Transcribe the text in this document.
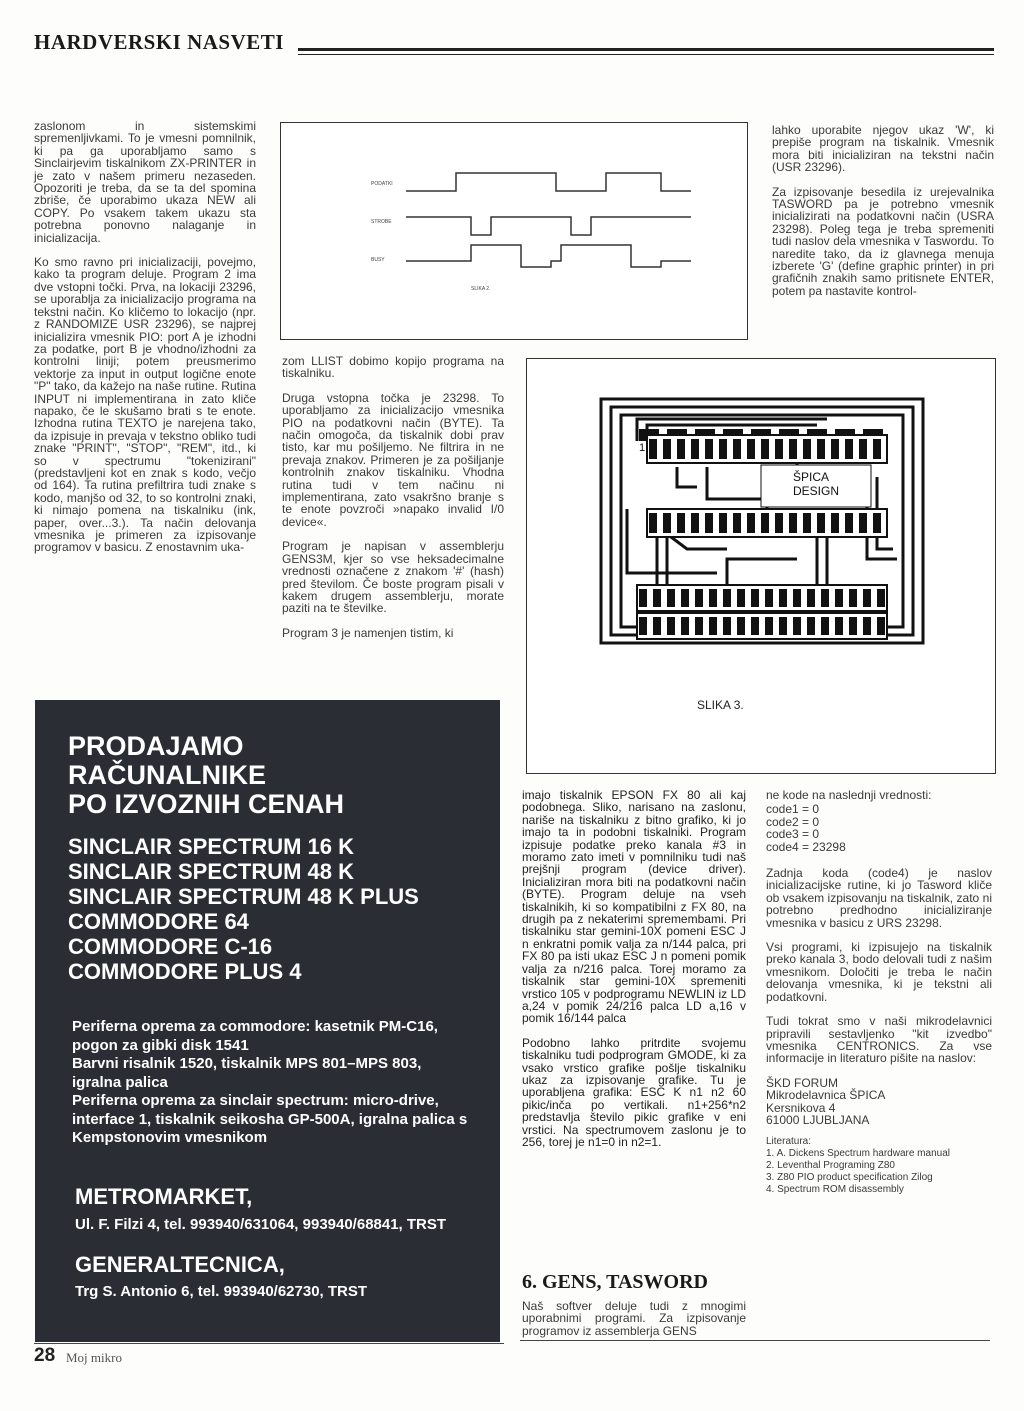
HARDVERSKI NASVETI

zaslonom in sistemskimi spremenljivkami. To je vmesni pomnilnik, ki pa ga uporabljamo samo s Sinclairjevim tiskalnikom ZX-PRINTER in je zato v našem primeru nezaseden. Opozoriti je treba, da se ta del spomina zbriše, če uporabimo ukaza NEW ali COPY. Po vsakem takem ukazu sta potrebna ponovno nalaganje in inicializacija.

Ko smo ravno pri inicializaciji, povejmo, kako ta program deluje. Program 2 ima dve vstopni točki. Prva, na lokaciji 23296, se uporablja za inicializacijo programa na tekstni način. Ko kličemo to lokacijo (npr. z RANDOMIZE USR 23296), se najprej inicializira vmesnik PIO: port A je izhodni za podatke, port B je vhodno/izhodni za kontrolni liniji; potem preusmerimo vektorje za input in output logične enote "P" tako, da kažejo na naše rutine. Rutina INPUT ni implementirana in zato kliče napako, če le skušamo brati s te enote. Izhodna rutina TEXTO je narejena tako, da izpisuje in prevaja v tekstno obliko tudi znake "PRINT", "STOP", "REM", itd., ki so v spectrumu "tokenizirani" (predstavljeni kot en znak s kodo, večjo od 164). Ta rutina prefiltrira tudi znake s kodo, manjšo od 32, to so kontrolni znaki, ki nimajo pomena na tiskalniku (ink, paper, over...3.). Ta način delovanja vmesnika je primeren za izpisovanje programov v basicu. Z enostavnim uka-

PODATKI
STROBE
BUSY
SLIKA 2.

zom LLIST dobimo kopijo programa na tiskalniku.

Druga vstopna točka je 23298. To uporabljamo za inicializacijo vmesnika PIO na podatkovni način (BYTE). Ta način omogoča, da tiskalnik dobi prav tisto, kar mu pošiljemo. Ne filtrira in ne prevaja znakov. Primeren je za pošiljanje kontrolnih znakov tiskalniku. Vhodna rutina tudi v tem načinu ni implementirana, zato vsakršno branje s te enote povzroči »napako invalid I/0 device«.

Program je napisan v assemblerju GENS3M, kjer so vse heksadecimalne vrednosti označene z znakom '#' (hash) pred številom. Če boste program pisali v kakem drugem assemblerju, morate paziti na te številke.

Program 3 je namenjen tistim, ki

lahko uporabite njegov ukaz 'W', ki prepiše program na tiskalnik. Vmesnik mora biti inicializiran na tekstni način (USR 23296).

Za izpisovanje besedila iz urejevalnika TASWORD pa je potrebno vmesnik inicializirati na podatkovni način (USRA 23298). Poleg tega je treba spremeniti tudi naslov dela vmesnika v Taswordu. To naredite tako, da iz glavnega menuja izberete 'G' (define graphic printer) in pri grafičnih znakih samo pritisnete ENTER, potem pa nastavite kontrol-

1
ŠPICA
DESIGN
SLIKA 3.
PRODAJAMO
RAČUNALNIKE
PO IZVOZNIH CENAH
SINCLAIR SPECTRUM 16 K
SINCLAIR SPECTRUM 48 K
SINCLAIR SPECTRUM 48 K PLUS
COMMODORE 64
COMMODORE C-16
COMMODORE PLUS 4
Periferna oprema za commodore: kasetnik PM-C16, pogon za gibki disk 1541
Barvni risalnik 1520, tiskalnik MPS 801–MPS 803, igralna palica
Periferna oprema za sinclair spectrum: micro-drive, interface 1, tiskalnik seikosha GP-500A, igralna palica s Kempstonovim vmesnikom
METROMARKET,
Ul. F. Filzi 4, tel. 993940/631064, 993940/68841, TRST
GENERALTECNICA,
Trg S. Antonio 6, tel. 993940/62730, TRST

imajo tiskalnik EPSON FX 80 ali kaj podobnega. Sliko, narisano na zaslonu, nariše na tiskalniku z bitno grafiko, ki jo imajo ta in podobni tiskalniki. Program izpisuje podatke preko kanala #3 in moramo zato imeti v pomnilniku tudi naš prejšnji program (device driver). Inicializiran mora biti na podatkovni način (BYTE). Program deluje na vseh tiskalnikih, ki so kompatibilni z FX 80, na drugih pa z nekaterimi spremembami. Pri tiskalniku star gemini-10X pomeni ESC J n enkratni pomik valja za n/144 palca, pri FX 80 pa isti ukaz ESC J n pomeni pomik valja za n/216 palca. Torej moramo za tiskalnik star gemini-10X spremeniti vrstico 105 v podprogramu NEWLIN iz LD a,24 v pomik 24/216 palca LD a,16 v pomik 16/144 palca

Podobno lahko pritrdite svojemu tiskalniku tudi podprogram GMODE, ki za vsako vrstico grafike pošlje tiskalniku ukaz za izpisovanje grafike. Tu je uporabljena grafika: ESC K n1 n2 60 pikic/inča po vertikali. n1+256*n2 predstavlja število pikic grafike v eni vrstici. Na spectrumovem zaslonu je to 256, torej je n1=0 in n2=1.

6. GENS, TASWORD

Naš softver deluje tudi z mnogimi uporabnimi programi. Za izpisovanje programov iz assemblerja GENS

ne kode na naslednji vrednosti:

code1 = 0
code2 = 0
code3 = 0
code4 = 23298

Zadnja koda (code4) je naslov inicializacijske rutine, ki jo Tasword kliče ob vsakem izpisovanju na tiskalnik, zato ni potrebno predhodno inicializiranje vmesnika v basicu z URS 23298.

Vsi programi, ki izpisujejo na tiskalnik preko kanala 3, bodo delovali tudi z našim vmesnikom. Določiti je treba le način delovanja vmesnika, ki je tekstni ali podatkovni.

Tudi tokrat smo v naši mikrodelavnici pripravili sestavljenko "kit izvedbo" vmesnika CENTRONICS. Za vse informacije in literaturo pišite na naslov:

ŠKD FORUM
Mikrodelavnica ŠPICA
Kersnikova 4
61000 LJUBLJANA
Literatura:
1. A. Dickens Spectrum hardware manual
2. Leventhal Programing Z80
3. Z80 PIO product specification Zilog
4. Spectrum ROM disassembly
28 Moj mikro
